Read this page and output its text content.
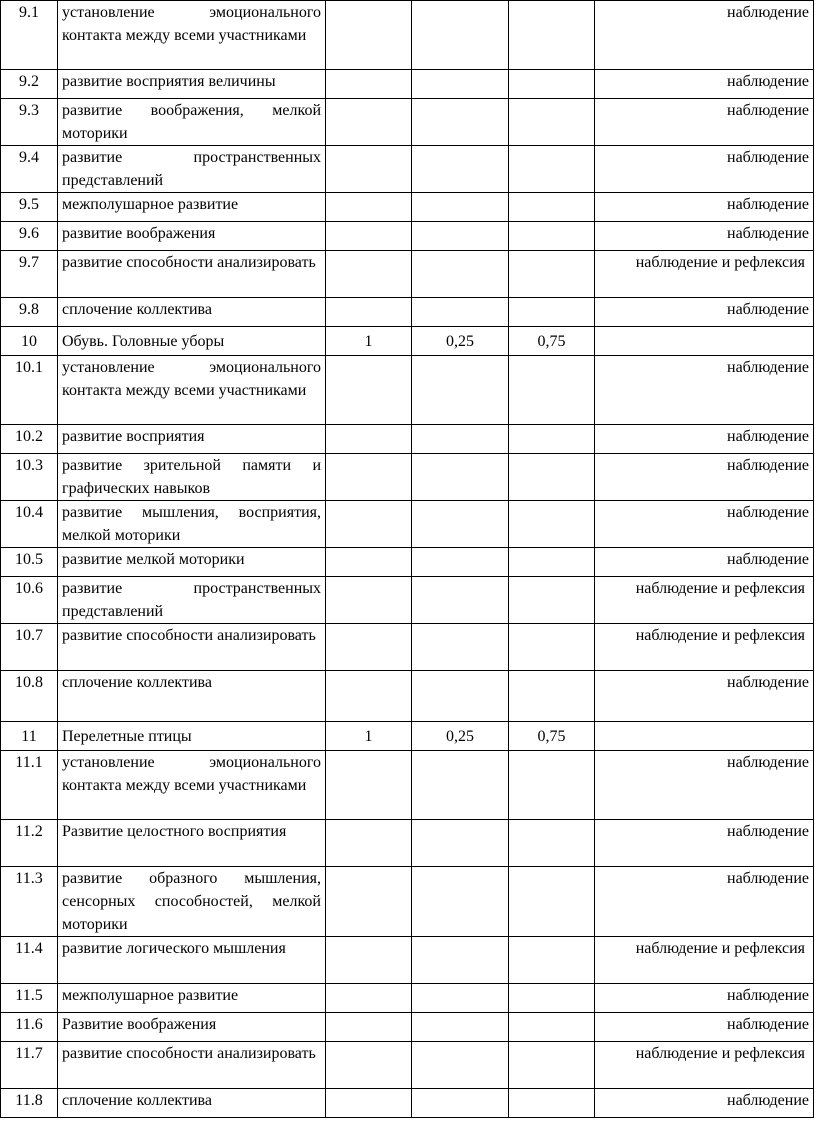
9.1	установление эмоционального контакта между всеми участниками				наблюдение
9.2	развитие восприятия величины				наблюдение
9.3	развитие воображения, мелкой моторики				наблюдение
9.4	развитие пространственных представлений				наблюдение
9.5	межполушарное развитие				наблюдение
9.6	развитие воображения				наблюдение
9.7	развитие способности анализировать				наблюдение и рефлексия
9.8	сплочение коллектива				наблюдение
10	Обувь. Головные уборы	1	0,25	0,75	
10.1	установление эмоционального контакта между всеми участниками				наблюдение
10.2	развитие восприятия				наблюдение
10.3	развитие зрительной памяти и графических навыков				наблюдение
10.4	развитие мышления, восприятия, мелкой моторики				наблюдение
10.5	развитие мелкой моторики				наблюдение
10.6	развитие пространственных представлений				наблюдение и рефлексия
10.7	развитие способности анализировать				наблюдение и рефлексия
10.8	сплочение коллектива				наблюдение
11	Перелетные птицы	1	0,25	0,75	
11.1	установление эмоционального контакта между всеми участниками				наблюдение
11.2	Развитие целостного восприятия				наблюдение
11.3	развитие образного мышления, сенсорных способностей, мелкой моторики				наблюдение
11.4	развитие логического мышления				наблюдение и рефлексия
11.5	межполушарное развитие				наблюдение
11.6	Развитие воображения				наблюдение
11.7	развитие способности анализировать				наблюдение и рефлексия
11.8	сплочение коллектива				наблюдение
